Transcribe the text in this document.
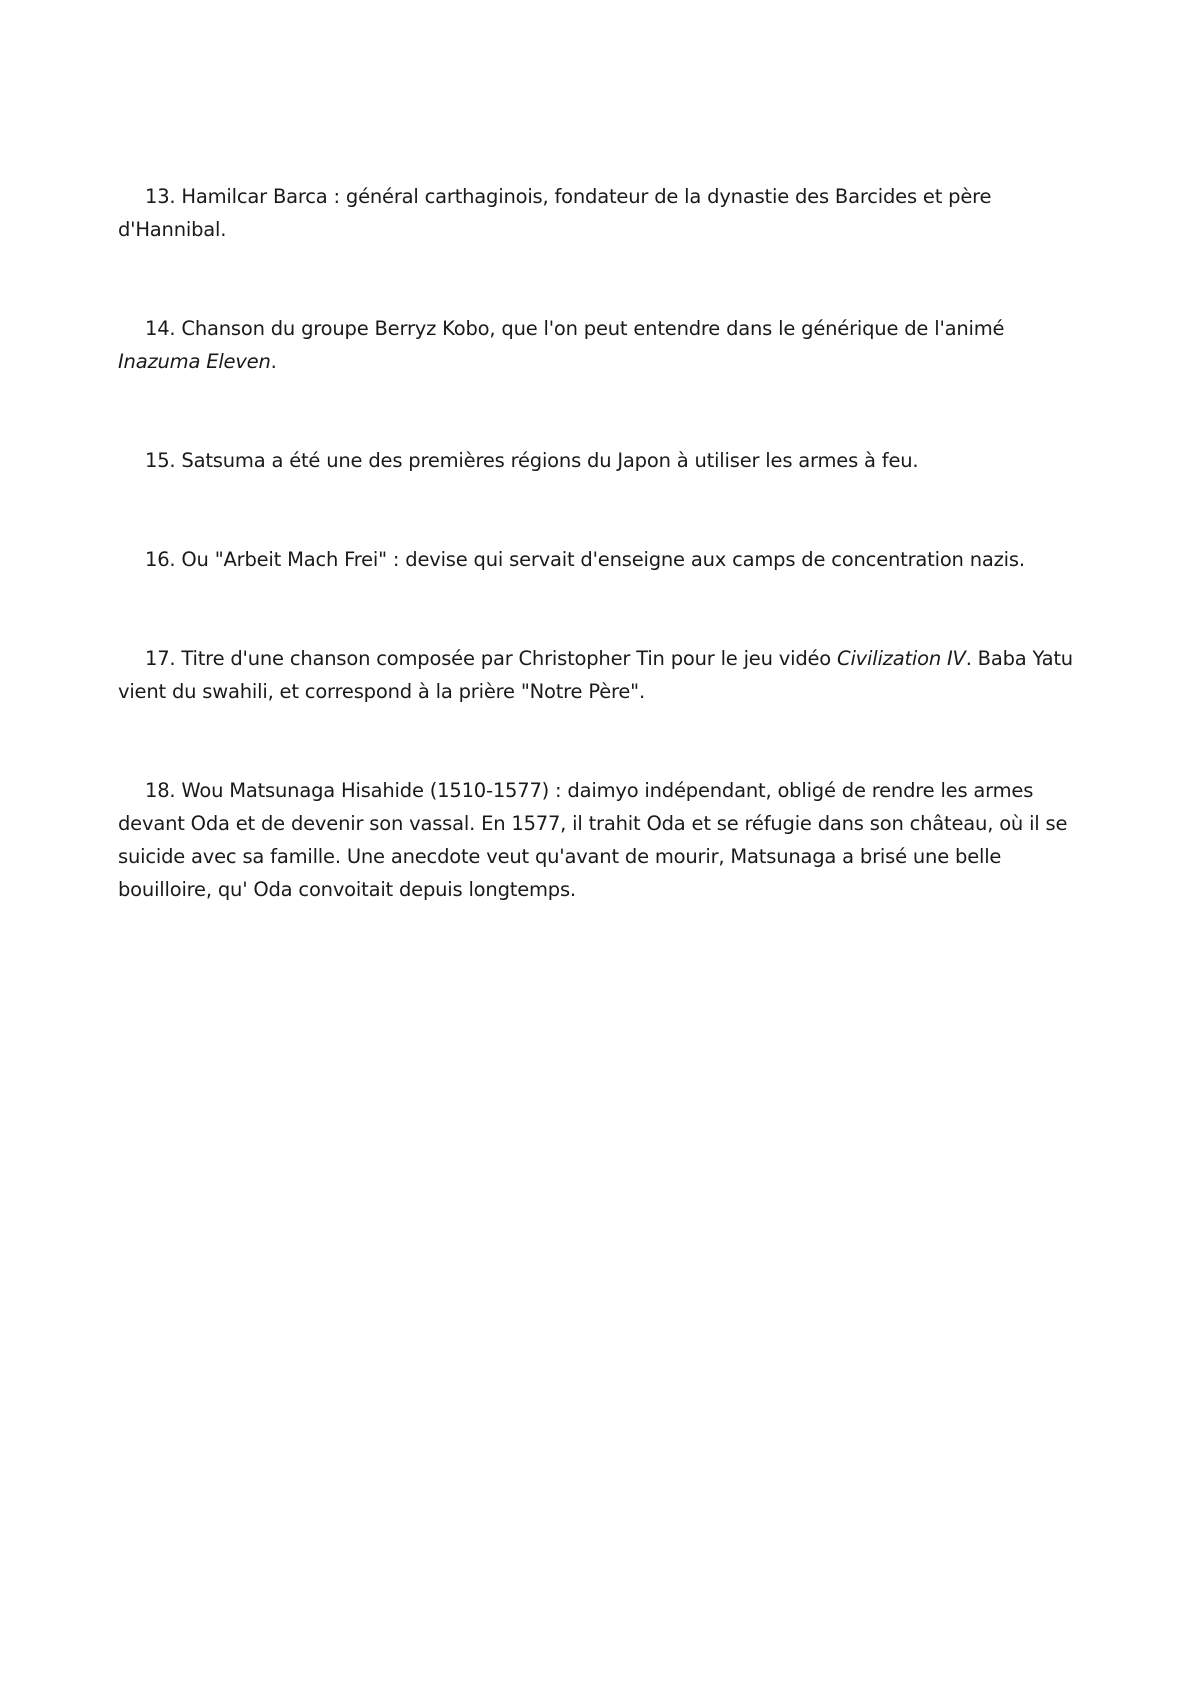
13. Hamilcar Barca : général carthaginois, fondateur de la dynastie des Barcides et père d'Hannibal.

14. Chanson du groupe Berryz Kobo, que l'on peut entendre dans le générique de l'animé Inazuma Eleven.

15. Satsuma a été une des premières régions du Japon à utiliser les armes à feu.

16. Ou "Arbeit Mach Frei" : devise qui servait d'enseigne aux camps de concentration nazis.

17. Titre d'une chanson composée par Christopher Tin pour le jeu vidéo Civilization IV. Baba Yatu vient du swahili, et correspond à la prière "Notre Père".

18. Wou Matsunaga Hisahide (1510-1577) : daimyo indépendant, obligé de rendre les armes devant Oda et de devenir son vassal. En 1577, il trahit Oda et se réfugie dans son château, où il se suicide avec sa famille. Une anecdote veut qu'avant de mourir, Matsunaga a brisé une belle bouilloire, qu' Oda convoitait depuis longtemps.
